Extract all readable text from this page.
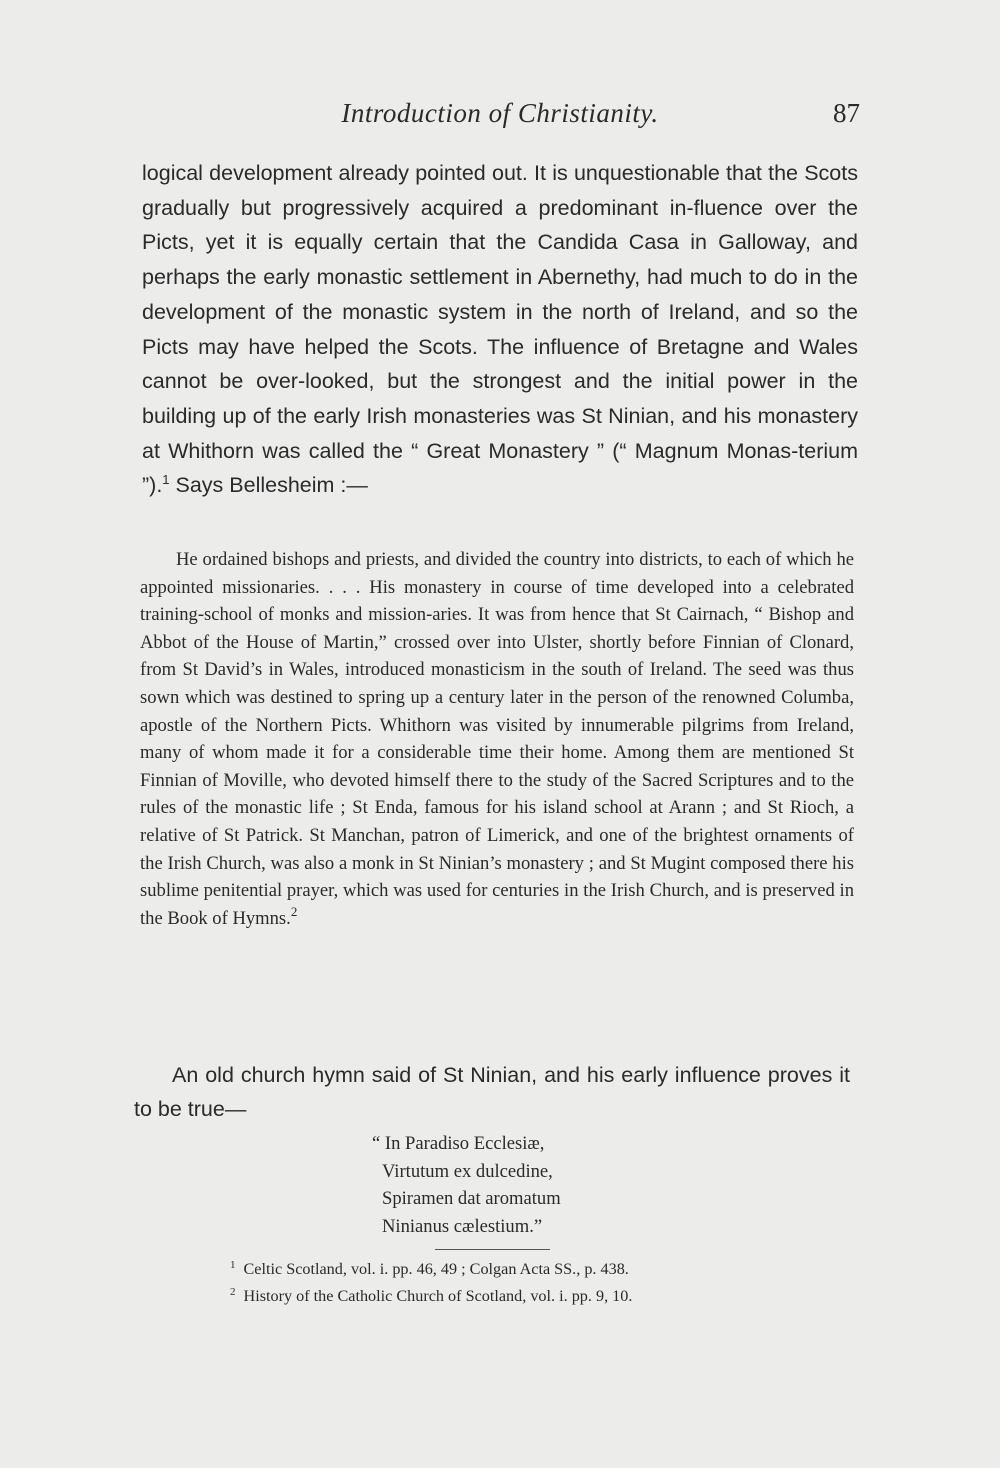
Introduction of Christianity.	87

logical development already pointed out. It is unquestionable that the Scots gradually but progressively acquired a predominant in-fluence over the Picts, yet it is equally certain that the Candida Casa in Galloway, and perhaps the early monastic settlement in Abernethy, had much to do in the development of the monastic system in the north of Ireland, and so the Picts may have helped the Scots. The influence of Bretagne and Wales cannot be over-looked, but the strongest and the initial power in the building up of the early Irish monasteries was St Ninian, and his monastery at Whithorn was called the “ Great Monastery ” (“ Magnum Monas-terium ”).$^1$ Says Bellesheim :—

He ordained bishops and priests, and divided the country into districts, to each of which he appointed missionaries. . . . His monastery in course of time developed into a celebrated training-school of monks and mission-aries. It was from hence that St Cairnach, “ Bishop and Abbot of the House of Martin,” crossed over into Ulster, shortly before Finnian of Clonard, from St David’s in Wales, introduced monasticism in the south of Ireland. The seed was thus sown which was destined to spring up a century later in the person of the renowned Columba, apostle of the Northern Picts. Whithorn was visited by innumerable pilgrims from Ireland, many of whom made it for a considerable time their home. Among them are mentioned St Finnian of Moville, who devoted himself there to the study of the Sacred Scriptures and to the rules of the monastic life ; St Enda, famous for his island school at Arann ; and St Rioch, a relative of St Patrick. St Manchan, patron of Limerick, and one of the brightest ornaments of the Irish Church, was also a monk in St Ninian’s monastery ; and St Mugint composed there his sublime penitential prayer, which was used for centuries in the Irish Church, and is preserved in the Book of Hymns.$^2$

An old church hymn said of St Ninian, and his early influence proves it to be true—

“ In Paradiso Ecclesiæ,
Virtutum ex dulcedine,
Spiramen dat aromatum
Ninianus cælestium.”
$^1$ Celtic Scotland, vol. i. pp. 46, 49 ; Colgan Acta SS., p. 438.
$^2$ History of the Catholic Church of Scotland, vol. i. pp. 9, 10.
